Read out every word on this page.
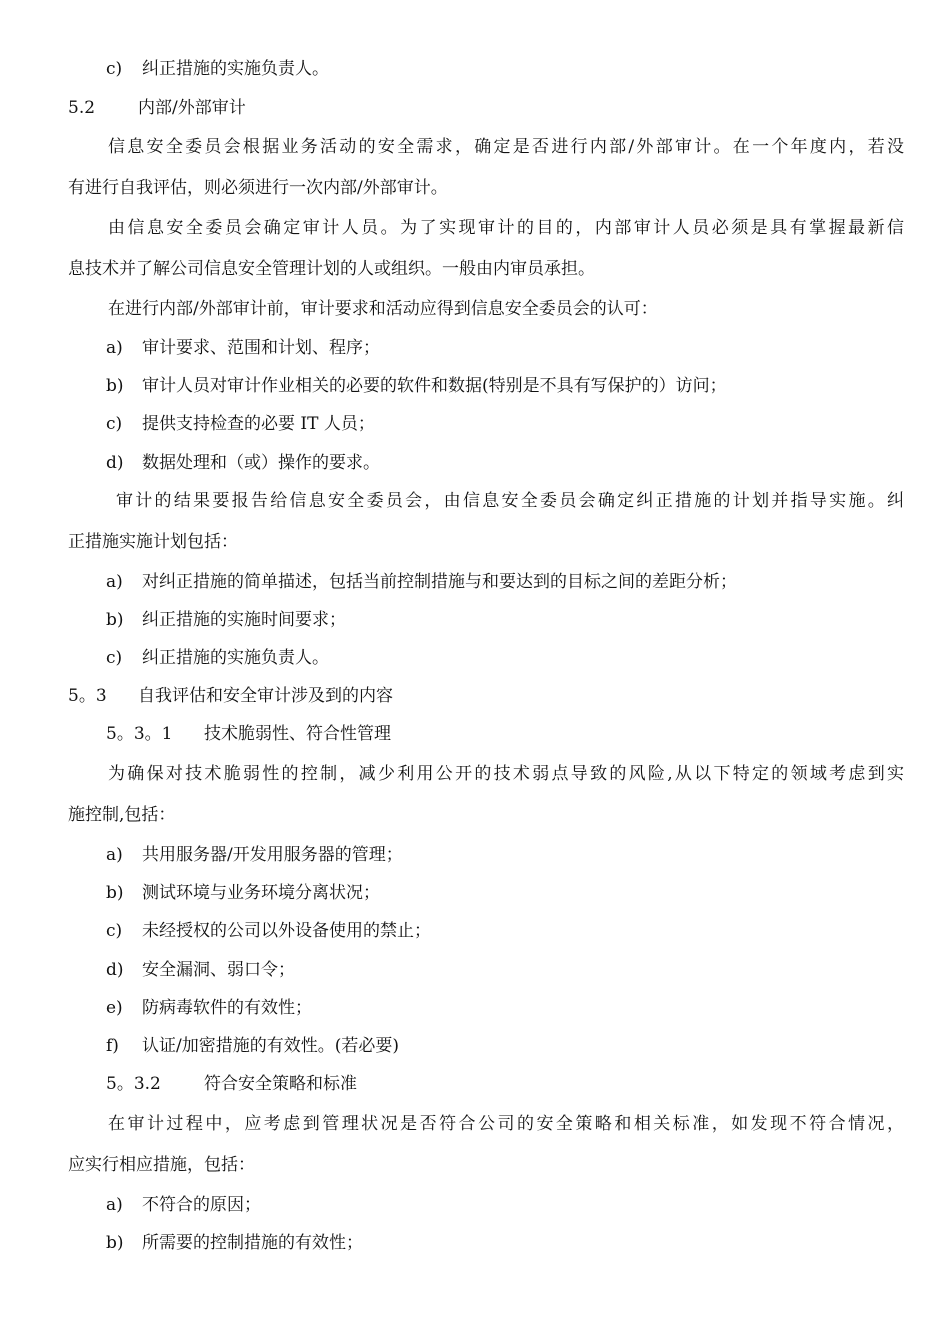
c) 纠正措施的实施负责人。
5.2	内部/外部审计
信息安全委员会根据业务活动的安全需求，确定是否进行内部/外部审计。在一个年度内，若没
有进行自我评估，则必须进行一次内部/外部审计。
由信息安全委员会确定审计人员。为了实现审计的目的，内部审计人员必须是具有掌握最新信
息技术并了解公司信息安全管理计划的人或组织。一般由内审员承担。
在进行内部/外部审计前，审计要求和活动应得到信息安全委员会的认可：
a) 审计要求、范围和计划、程序；
b) 审计人员对审计作业相关的必要的软件和数据(特别是不具有写保护的）访问；
c) 提供支持检查的必要 IT 人员；
d) 数据处理和（或）操作的要求。
审计的结果要报告给信息安全委员会，由信息安全委员会确定纠正措施的计划并指导实施。纠
正措施实施计划包括：
a) 对纠正措施的简单描述，包括当前控制措施与和要达到的目标之间的差距分析；
b) 纠正措施的实施时间要求；
c) 纠正措施的实施负责人。
5。3 自我评估和安全审计涉及到的内容
5。3。1 技术脆弱性、符合性管理
为确保对技术脆弱性的控制，减少利用公开的技术弱点导致的风险,从以下特定的领域考虑到实
施控制,包括：
a) 共用服务器/开发用服务器的管理；
b) 测试环境与业务环境分离状况；
c) 未经授权的公司以外设备使用的禁止；
d) 安全漏洞、弱口令；
e) 防病毒软件的有效性；
f) 认证/加密措施的有效性。(若必要)
5。3.2	符合安全策略和标准
在审计过程中，应考虑到管理状况是否符合公司的安全策略和相关标准，如发现不符合情况，
应实行相应措施，包括：
a) 不符合的原因；
b) 所需要的控制措施的有效性；
